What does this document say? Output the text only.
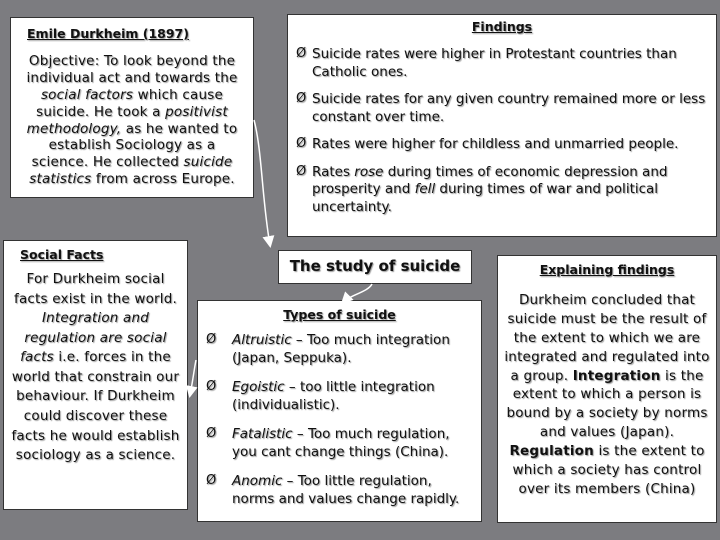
Emile Durkheim (1897)
Objective: To look beyond the individual act and towards the social factors which cause suicide. He took a positivist methodology, as he wanted to establish Sociology as a science. He collected suicide statistics from across Europe.
Findings
Ø Suicide rates were higher in Protestant countries than Catholic ones.
Ø Suicide rates for any given country remained more or less constant over time.
Ø Rates were higher for childless and unmarried people.
Ø Rates rose during times of economic depression and prosperity and fell during times of war and political uncertainty.
Social Facts
For Durkheim social facts exist in the world. Integration and regulation are social facts i.e. forces in the world that constrain our behaviour. If Durkheim could discover these facts he would establish sociology as a science.
The study of suicide
Types of suicide
Ø Altruistic – Too much integration (Japan, Seppuka).
Ø Egoistic – too little integration (individualistic).
Ø Fatalistic – Too much regulation, you cant change things (China).
Ø Anomic – Too little regulation, norms and values change rapidly.
Explaining findings
Durkheim concluded that suicide must be the result of the extent to which we are integrated and regulated into a group. Integration is the extent to which a person is bound by a society by norms and values (Japan). Regulation is the extent to which a society has control over its members (China)
